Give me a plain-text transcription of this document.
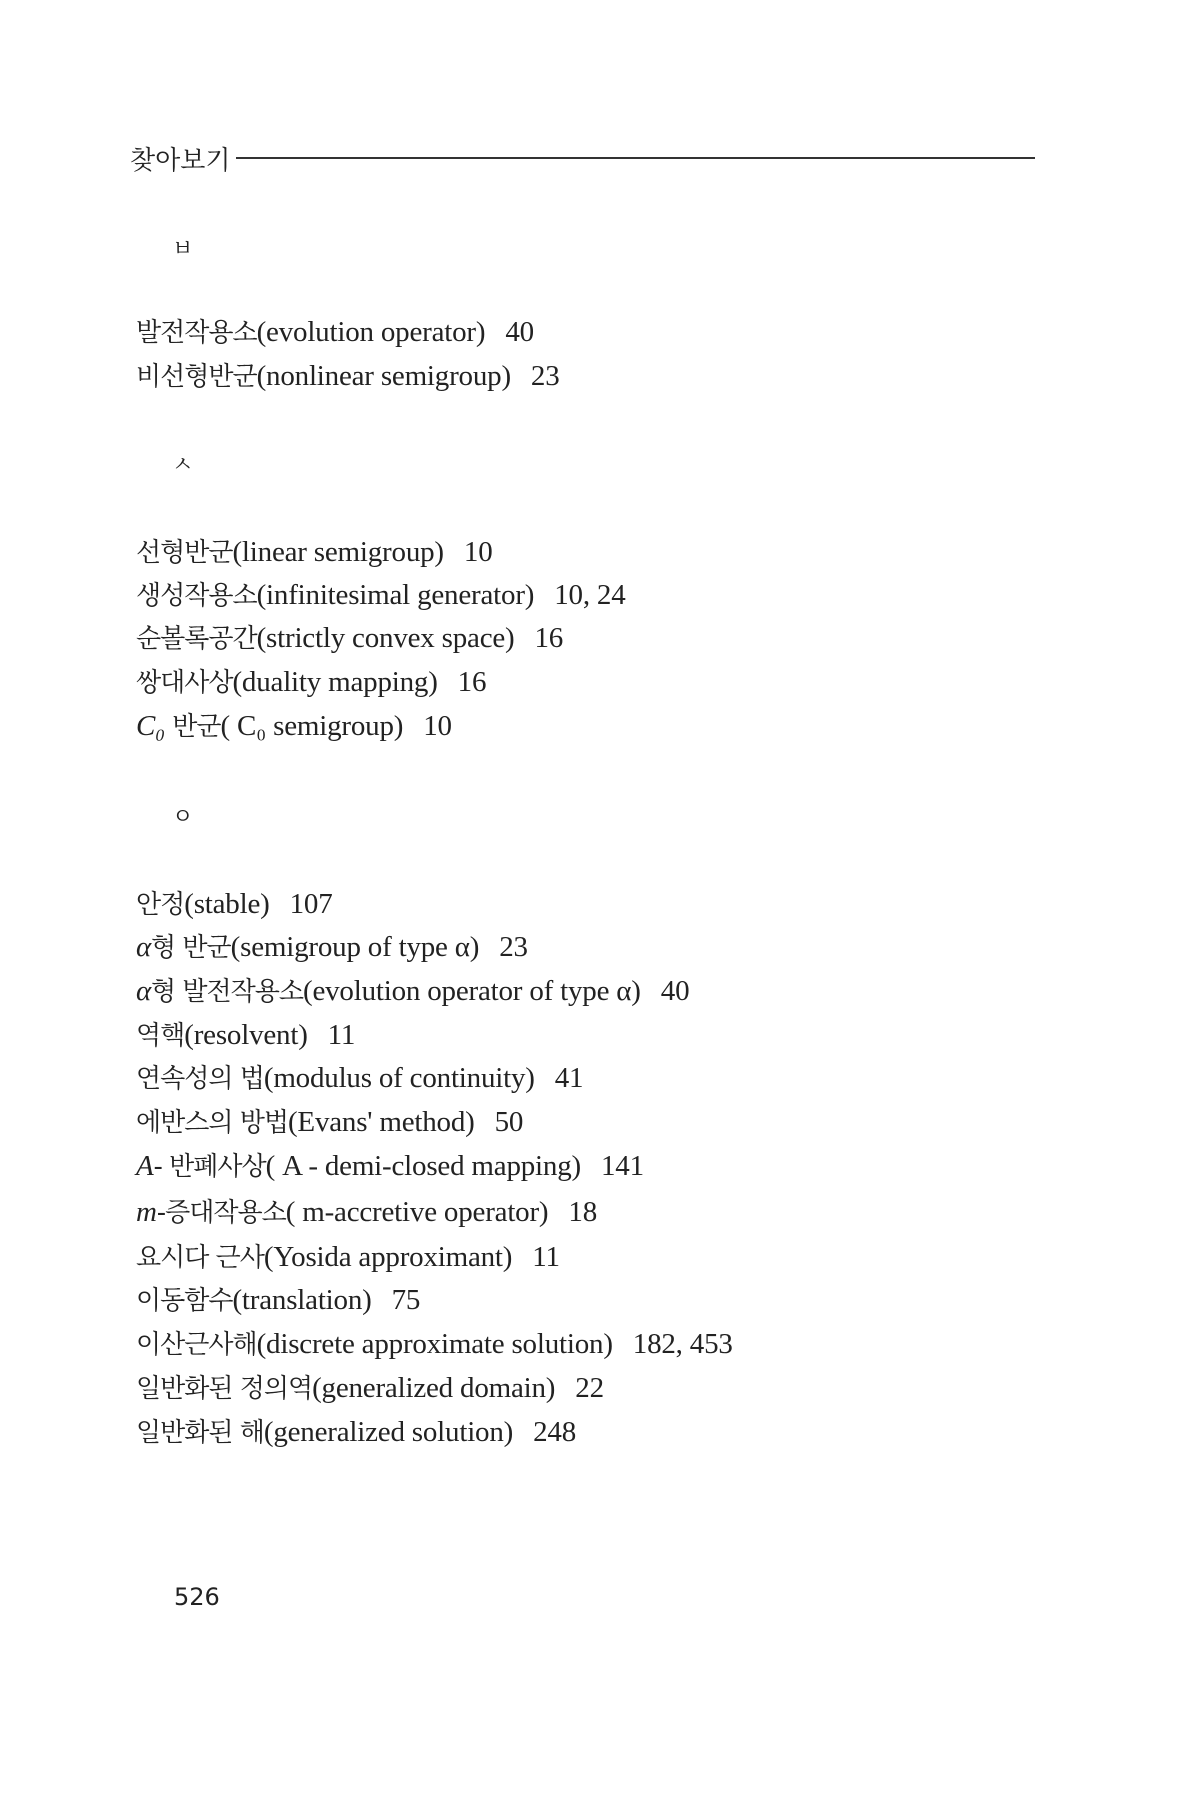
찾아보기
ㅂ
발전작용소(evolution operator) 40
비선형반군(nonlinear semigroup) 23
ㅅ
선형반군(linear semigroup) 10
생성작용소(infinitesimal generator) 10, 24
순볼록공간(strictly convex space) 16
쌍대사상(duality mapping) 16
C₀ 반군( C₀ semigroup) 10
ㅇ
안정(stable) 107
α형 반군(semigroup of type α) 23
α형 발전작용소(evolution operator of type α) 40
역핵(resolvent) 11
연속성의 법(modulus of continuity) 41
에반스의 방법(Evans' method) 50
A- 반폐사상( A - demi-closed mapping) 141
m-증대작용소( m-accretive operator) 18
요시다 근사(Yosida approximant) 11
이동함수(translation) 75
이산근사해(discrete approximate solution) 182, 453
일반화된 정의역(generalized domain) 22
일반화된 해(generalized solution) 248
526
